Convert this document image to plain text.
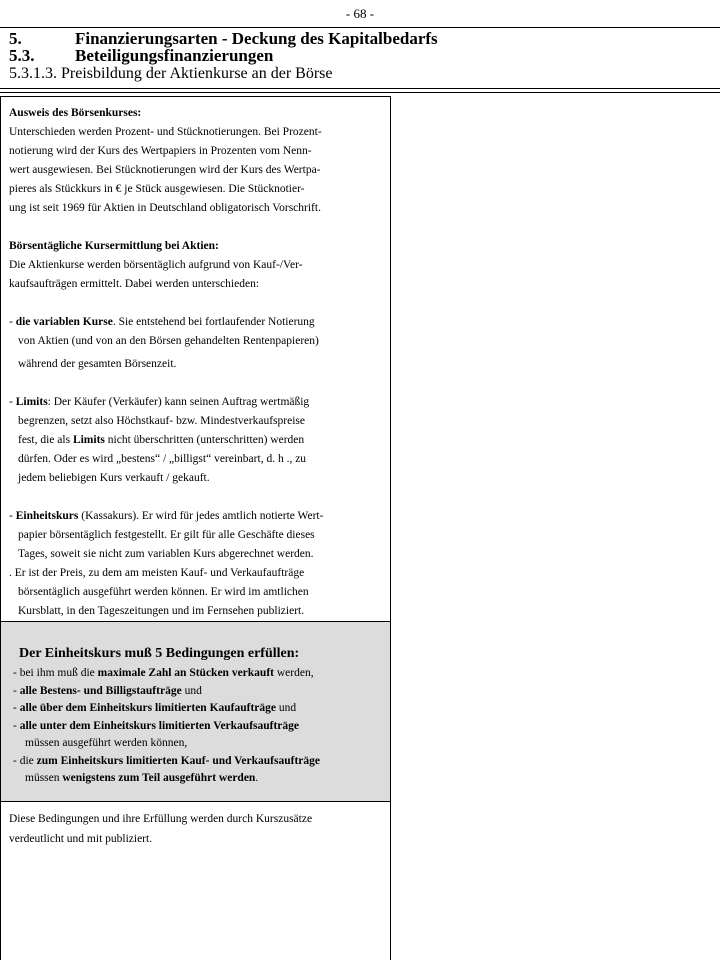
- 68 -
5.	Finanzierungsarten - Deckung des Kapitalbedarfs
5.3. Beteiligungsfinanzierungen
5.3.1.3. Preisbildung der Aktienkurse an der Börse

Ausweis des Börsenkurses:

Unterschieden werden Prozent- und Stücknotierungen. Bei Prozent-

notierung wird der Kurs des Wertpapiers in Prozenten vom Nenn-

wert ausgewiesen. Bei Stücknotierungen wird der Kurs des Wertpa-

pieres als Stückkurs in € je Stück ausgewiesen. Die Stücknotier-

ung ist seit 1969 für Aktien in Deutschland obligatorisch Vorschrift.

Börsentägliche Kursermittlung bei Aktien:

Die Aktienkurse werden börsentäglich aufgrund von Kauf-/Ver-

kaufsaufträgen ermittelt. Dabei werden unterschieden:

- die variablen Kurse. Sie entstehend bei fortlaufender Notierung

von Aktien (und von an den Börsen gehandelten Rentenpapieren)

während der gesamten Börsenzeit.

- Limits: Der Käufer (Verkäufer) kann seinen Auftrag wertmäßig

begrenzen, setzt also Höchstkauf- bzw. Mindestverkaufspreise

fest, die als Limits nicht überschritten (unterschritten) werden

dürfen. Oder es wird „bestens“ / „billigst“ vereinbart, d. h ., zu

jedem beliebigen Kurs verkauft / gekauft.

- Einheitskurs (Kassakurs). Er wird für jedes amtlich notierte Wert-

papier börsentäglich festgestellt. Er gilt für alle Geschäfte dieses

Tages, soweit sie nicht zum variablen Kurs abgerechnet werden.

. Er ist der Preis, zu dem am meisten Kauf- und Verkaufaufträge

börsentäglich ausgeführt werden können. Er wird im amtlichen

Kursblatt, in den Tageszeitungen und im Fernsehen publiziert.

Der Einheitskurs muß 5 Bedingungen erfüllen:

- bei ihm muß die maximale Zahl an Stücken verkauft werden,

- alle Bestens- und Billigstaufträge und

- alle über dem Einheitskurs limitierten Kaufaufträge und

- alle unter dem Einheitskurs limitierten Verkaufsaufträge

müssen ausgeführt werden können,

- die zum Einheitskurs limitierten Kauf- und Verkaufsaufträge

müssen wenigstens zum Teil ausgeführt werden.

Diese Bedingungen und ihre Erfüllung werden durch Kurszusätze

verdeutlicht und mit publiziert.
